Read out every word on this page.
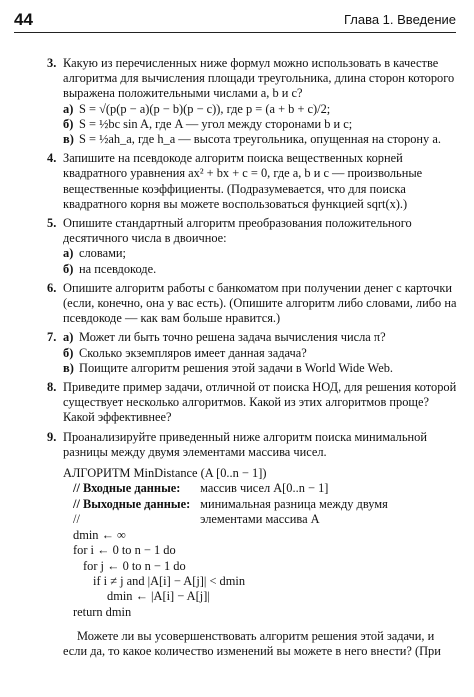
44	Глава 1. Введение
3. Какую из перечисленных ниже формул можно использовать в качестве алгоритма для вычисления площади треугольника, длина сторон которого выражена положительными числами a, b и c?

а) S = √(p(p − a)(p − b)(p − c)), где p = (a + b + c)/2;
б) S = ½bc sin A, где A — угол между сторонами b и c;
в) S = ½ah_a, где h_a — высота треугольника, опущенная на сторону a.
4. Запишите на псевдокоде алгоритм поиска вещественных корней квадратного уравнения ax² + bx + c = 0, где a, b и c — произвольные вещественные коэффициенты. (Подразумевается, что для поиска квадратного корня вы можете воспользоваться функцией sqrt(x).)

5. Опишите стандартный алгоритм преобразования положительного десятичного числа в двоичное:

а) словами;
б) на псевдокоде.
6. Опишите алгоритм работы с банкоматом при получении денег с карточки (если, конечно, она у вас есть). (Опишите алгоритм либо словами, либо на псевдокоде — как вам больше нравится.)

7. а) Может ли быть точно решена задача вычисления числа π?
б) Сколько экземпляров имеет данная задача?
в) Поищите алгоритм решения этой задачи в World Wide Web.
8. Приведите пример задачи, отличной от поиска НОД, для решения которой существует несколько алгоритмов. Какой из этих алгоритмов проще? Какой эффективнее?

9. Проанализируйте приведенный ниже алгоритм поиска минимальной разницы между двумя элементами массива чисел.

АЛГОРИТМ MinDistance (A [0..n − 1])
// Входные данные: массив чисел A[0..n − 1]
// Выходные данные: минимальная разница между двумя
//	элементами массива A
dmin ← ∞
for i ← 0 to n − 1 do
for j ← 0 to n − 1 do
if i ≠ j and |A[i] − A[j]| < dmin
dmin ← |A[i] − A[j]|
return dmin

Можете ли вы усовершенствовать алгоритм решения этой задачи, и если да, то какое количество изменений вы можете в него внести? (При
